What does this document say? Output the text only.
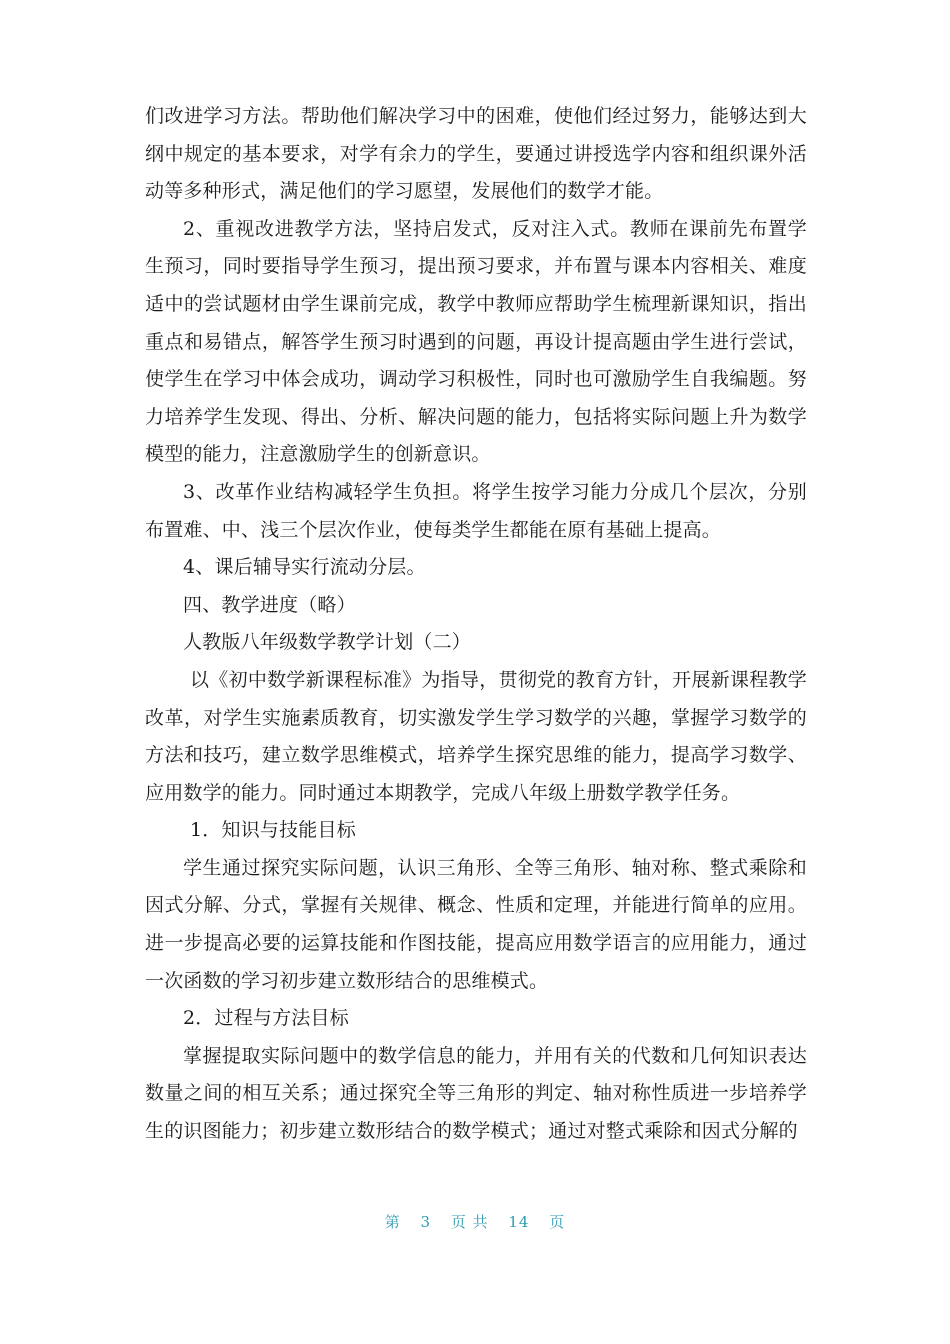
们改进学习方法。帮助他们解决学习中的困难，使他们经过努力，能够达到大纲中规定的基本要求，对学有余力的学生，要通过讲授选学内容和组织课外活动等多种形式，满足他们的学习愿望，发展他们的数学才能。

2、重视改进教学方法，坚持启发式，反对注入式。教师在课前先布置学生预习，同时要指导学生预习，提出预习要求，并布置与课本内容相关、难度适中的尝试题材由学生课前完成，教学中教师应帮助学生梳理新课知识，指出重点和易错点，解答学生预习时遇到的问题，再设计提高题由学生进行尝试，使学生在学习中体会成功，调动学习积极性，同时也可激励学生自我编题。努力培养学生发现、得出、分析、解决问题的能力，包括将实际问题上升为数学模型的能力，注意激励学生的创新意识。

3、改革作业结构减轻学生负担。将学生按学习能力分成几个层次，分别布置难、中、浅三个层次作业，使每类学生都能在原有基础上提高。

4、课后辅导实行流动分层。

四、教学进度（略）

人教版八年级数学教学计划（二）

以《初中数学新课程标准》为指导，贯彻党的教育方针，开展新课程教学改革，对学生实施素质教育，切实激发学生学习数学的兴趣，掌握学习数学的方法和技巧，建立数学思维模式，培养学生探究思维的能力，提高学习数学、应用数学的能力。同时通过本期教学，完成八年级上册数学教学任务。

1．知识与技能目标

学生通过探究实际问题，认识三角形、全等三角形、轴对称、整式乘除和因式分解、分式，掌握有关规律、概念、性质和定理，并能进行简单的应用。进一步提高必要的运算技能和作图技能，提高应用数学语言的应用能力，通过一次函数的学习初步建立数形结合的思维模式。

2．过程与方法目标

掌握提取实际问题中的数学信息的能力，并用有关的代数和几何知识表达数量之间的相互关系；通过探究全等三角形的判定、轴对称性质进一步培养学生的识图能力；初步建立数形结合的数学模式；通过对整式乘除和因式分解的

第 3 页 共 14 页
